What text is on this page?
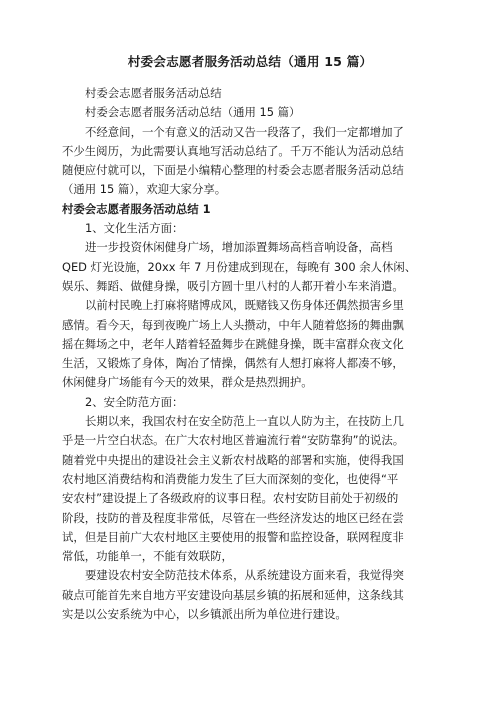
村委会志愿者服务活动总结（通用 15 篇）
村委会志愿者服务活动总结
村委会志愿者服务活动总结（通用 15 篇）
不经意间，一个有意义的活动又告一段落了，我们一定都增加了
不少生阅历，为此需要认真地写活动总结了。千万不能认为活动总结
随便应付就可以，下面是小编精心整理的村委会志愿者服务活动总结
（通用 15 篇），欢迎大家分享。
村委会志愿者服务活动总结 1
1、文化生活方面：
进一步投资休闲健身广场，增加添置舞场高档音响设备，高档
QED 灯光设施，20xx 年 7 月份建成到现在，每晚有 300 余人休闲、
娱乐、舞蹈、做健身操，吸引方圆十里八村的人都开着小车来消遣。
以前村民晚上打麻将赌博成风，既赌钱又伤身体还偶然损害乡里
感情。看今天，每到夜晚广场上人头攒动，中年人随着悠扬的舞曲飘
摇在舞场之中，老年人踏着轻盈舞步在跳健身操，既丰富群众夜文化
生活，又锻炼了身体，陶冶了情操，偶然有人想打麻将人都凑不够，
休闲健身广场能有今天的效果，群众是热烈拥护。
2、安全防范方面：
长期以来，我国农村在安全防范上一直以人防为主，在技防上几
乎是一片空白状态。在广大农村地区普遍流行着“安防靠狗”的说法。
随着党中央提出的建设社会主义新农村战略的部署和实施，使得我国
农村地区消费结构和消费能力发生了巨大而深刻的变化，也使得“平
安农村”建设提上了各级政府的议事日程。农村安防目前处于初级的
阶段，技防的普及程度非常低，尽管在一些经济发达的地区已经在尝
试，但是目前广大农村地区主要使用的报警和监控设备，联网程度非
常低，功能单一，不能有效联防，
要建设农村安全防范技术体系，从系统建设方面来看，我觉得突
破点可能首先来自地方平安建设向基层乡镇的拓展和延伸，这条线其
实是以公安系统为中心，以乡镇派出所为单位进行建设。
